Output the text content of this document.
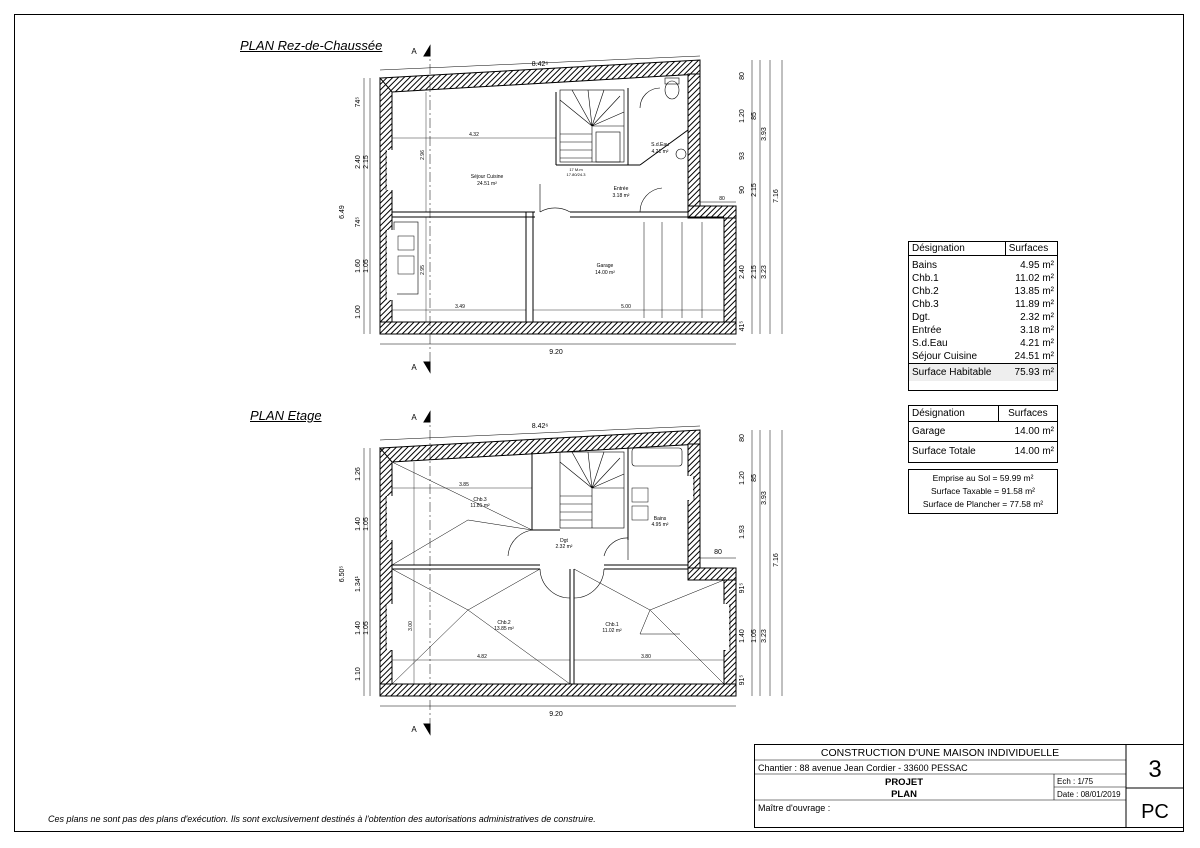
PLAN Rez-de-Chaussée
PLAN Etage
Séjour Cuisine
24.51 m²
Entrée
3.18 m²
S.d.Eau
4.21 m²
Garage
14.00 m²
17 M.m
17.80/24.3
8.42⁶
9.20
4.32
3.49	5.00
80
2.96
2.95
74⁵
2.40 2.15
6.49
74⁵
1.60 1.05
1.00
80
1.20 85
93
90 2.15
3.93
7.16
2.40 2.15 3.23
41⁵
A
A
Chb.3
11.81 m²
Chb.2
13.85 m²
Chb.1
11.02 m²
Dgt
2.32 m²
Bains
4.95 m²
8.42⁶
9.20
3.85
4.82	3.80
80
3.00
1.26
1.40 1.05
6.50⁵
1.34¹
1.40 1.05
1.10
80
1.20 85
1.93
3.93
7.16
91⁵
1.40 1.05 3.23
91⁵
A
A
Désignation	Surfaces
Bains	4.95 m²
Chb.1	11.02 m²
Chb.2	13.85 m²
Chb.3	11.89 m²
Dgt.	2.32 m²
Entrée	3.18 m²
S.d.Eau	4.21 m²
Séjour Cuisine	24.51 m²
Surface Habitable	75.93 m²
Désignation	Surfaces
Garage	14.00 m²
Surface Totale	14.00 m²
Emprise au Sol = 59.99 m²
Surface Taxable = 91.58 m²
Surface de Plancher = 77.58 m²
CONSTRUCTION D'UNE MAISON INDIVIDUELLE
Chantier : 88 avenue Jean Cordier - 33600 PESSAC
PROJET
PLAN
Ech : 1/75
Date : 08/01/2019
Maître d'ouvrage :
3
PC
Ces plans ne sont pas des plans d'exécution. Ils sont exclusivement destinés à l'obtention des autorisations administratives de construire.
